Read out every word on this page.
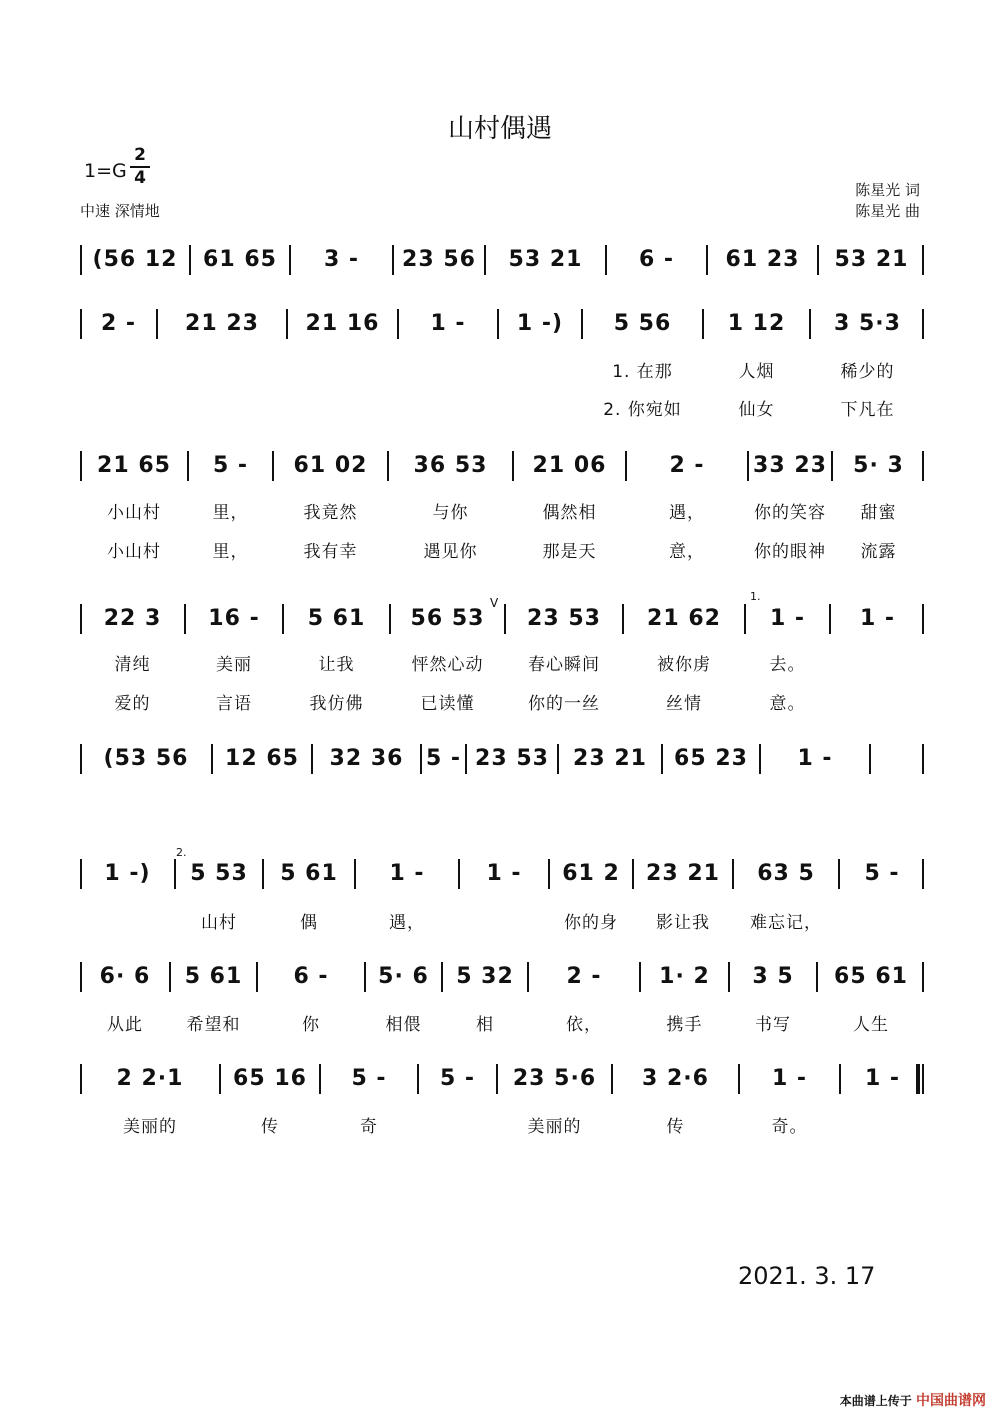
山村偶遇
1=G
2
4
中速 深情地
陈星光 词
陈星光 曲
(56 12	61 65	3 -	23 56	53 21	6 -	61 23	53 21
2 -	21 23	21 16	1 -	1 -)	5 56	1 12	3 5·3
21 65	5 -	61 02	36 53	21 06	2 -	33 23	5· 3
22 3	16 -	5 61	56 53	23 53	21 62	1 -	1 -
(53 56	12 65	32 36	5 - 23 53	23 21	65 23	1 -
1 -)	5 53	5 61	1 -	1 -	61 2	23 21	63 5	5 -
6· 6	5 61	6 -	5· 6	5 32	2 -	1· 2	3 5	65 61
2 2·1	65 16	5 -	5 -	23 5·6	3 2·6	1 -	1 -
1. 在那	人烟	稀少的
2. 你宛如	仙女	下凡在
小山村	里，	我竟然	与你	偶然相	遇，	你的笑容	甜蜜
小山村	里，	我有幸	遇见你	那是天	意，	你的眼神	流露
清纯	美丽	让我	怦然心动	春心瞬间	被你虏	去。
爱的	言语	我仿佛	已读懂	你的一丝	丝情	意。
山村	偶	遇，	你的身	影让我	难忘记，
从此	希望和	你	相偎	相	依，	携手	书写	人生
美丽的	传	奇	美丽的	传	奇。
1.
2.
V
2021. 3. 17
本曲谱上传于 中国曲谱网
